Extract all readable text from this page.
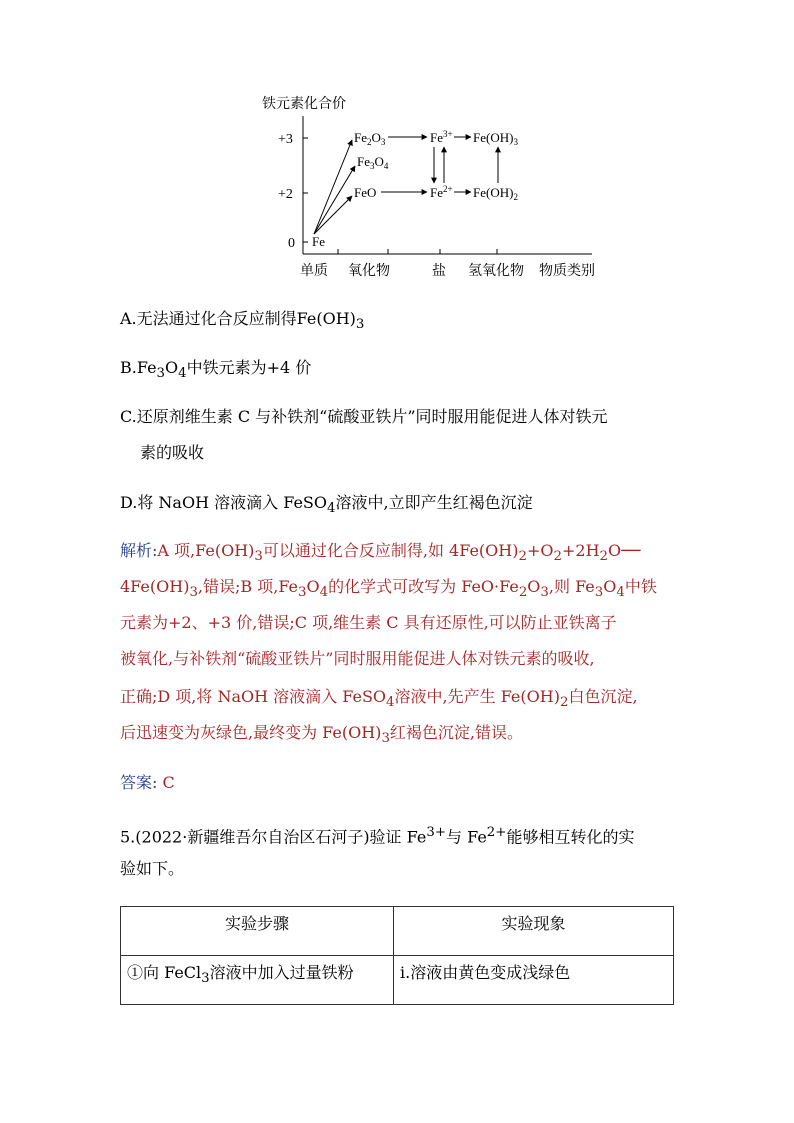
铁元素化合价
+3
+2
0
单质 氧化物	盐 氢氧化物 物质类别
Fe
$Fe_2O_3$
$Fe_3O_4$
FeO
$Fe^{3+}$
$Fe^{2+}$
$Fe(OH)_3$
$Fe(OH)_2$
A.无法通过化合反应制得$Fe(OH)_3$
$B.Fe_3O_4$中铁元素为+4 价
C.还原剂维生素 C 与补铁剂“硫酸亚铁片”同时服用能促进人体对铁元
素的吸收
D.将 NaOH 溶液滴入 FeSO$_4$溶液中,立即产生红褐色沉淀
解析:A 项$,Fe(OH)_3$可以通过化合反应制得,如 $4Fe(OH)_2+O_2+2H_2O──$
$4Fe(OH)_3$,错误;B 项$,Fe_3O_4$的化学式可改写为 $FeO\cdot Fe_2O_3$,则 $Fe_3O_4$中铁
元素为+2、+3 价,错误;C 项,维生素 C 具有还原性,可以防止亚铁离子
被氧化,与补铁剂“硫酸亚铁片”同时服用能促进人体对铁元素的吸收,
正确;D 项,将 NaOH 溶液滴入 FeSO$_4$溶液中,先产生 $Fe(OH)_2$白色沉淀,
后迅速变为灰绿色,最终变为 $Fe(OH)_3$红褐色沉淀,错误。
答案: C
5.(2022·新疆维吾尔自治区石河子)验证 $Fe^{3+}$与 $Fe^{2+}$能够相互转化的实
验如下。
实验步骤	实验现象
①向 FeCl$_3$溶液中加入过量铁粉	ⅰ.溶液由黄色变成浅绿色
